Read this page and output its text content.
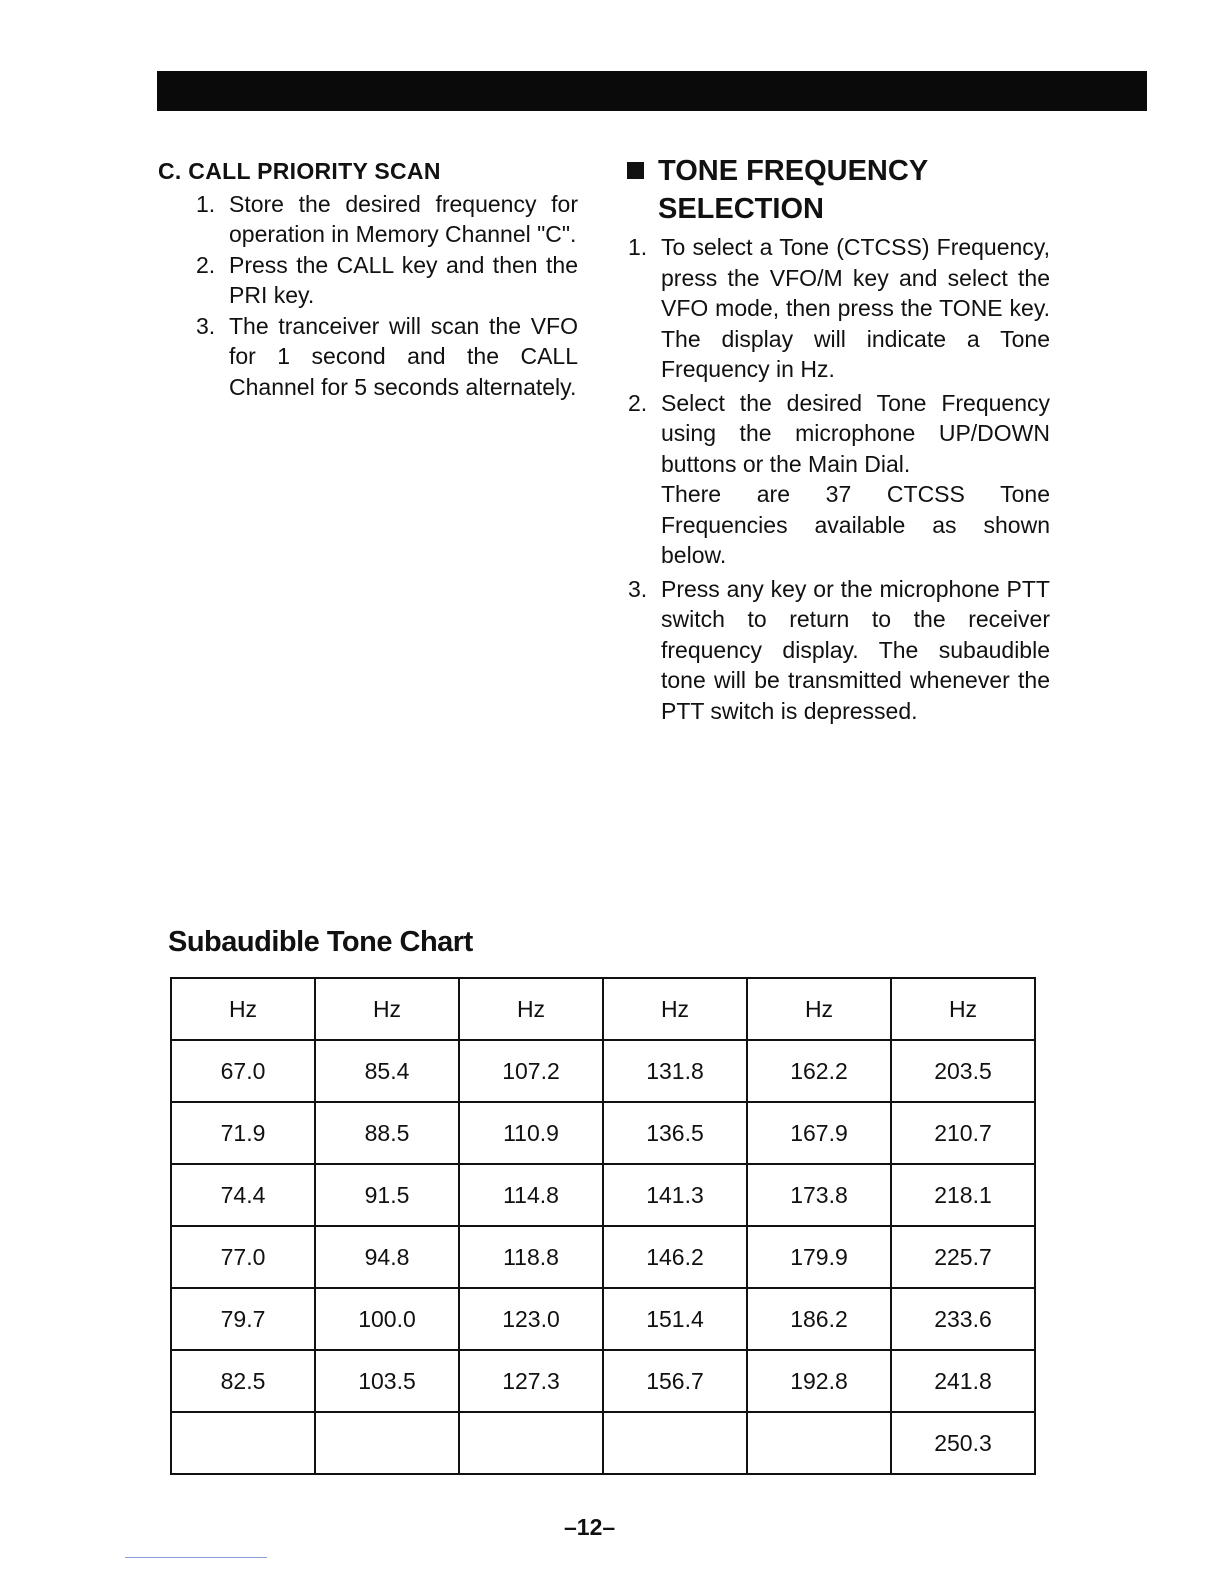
C. CALL PRIORITY SCAN
1. Store the desired frequency for operation in Memory Channel "C".
2. Press the CALL key and then the PRI key.
3. The tranceiver will scan the VFO for 1 second and the CALL Channel for 5 seconds alternately.
TONE FREQUENCY
SELECTION
1. To select a Tone (CTCSS) Frequency, press the VFO/M key and select the VFO mode, then press the TONE key. The display will indicate a Tone Frequency in Hz.
2. Select the desired Tone Frequency using the microphone UP/DOWN buttons or the Main Dial.
There are 37 CTCSS Tone Frequencies available as shown below.
3. Press any key or the microphone PTT switch to return to the receiver frequency display. The subaudible tone will be transmitted whenever the PTT switch is depressed.
Subaudible Tone Chart
Hz	Hz	Hz	Hz	Hz	Hz
67.0	85.4	107.2	131.8	162.2	203.5
71.9	88.5	110.9	136.5	167.9	210.7
74.4	91.5	114.8	141.3	173.8	218.1
77.0	94.8	118.8	146.2	179.9	225.7
79.7	100.0	123.0	151.4	186.2	233.6
82.5	103.5	127.3	156.7	192.8	241.8
					250.3
–12–
